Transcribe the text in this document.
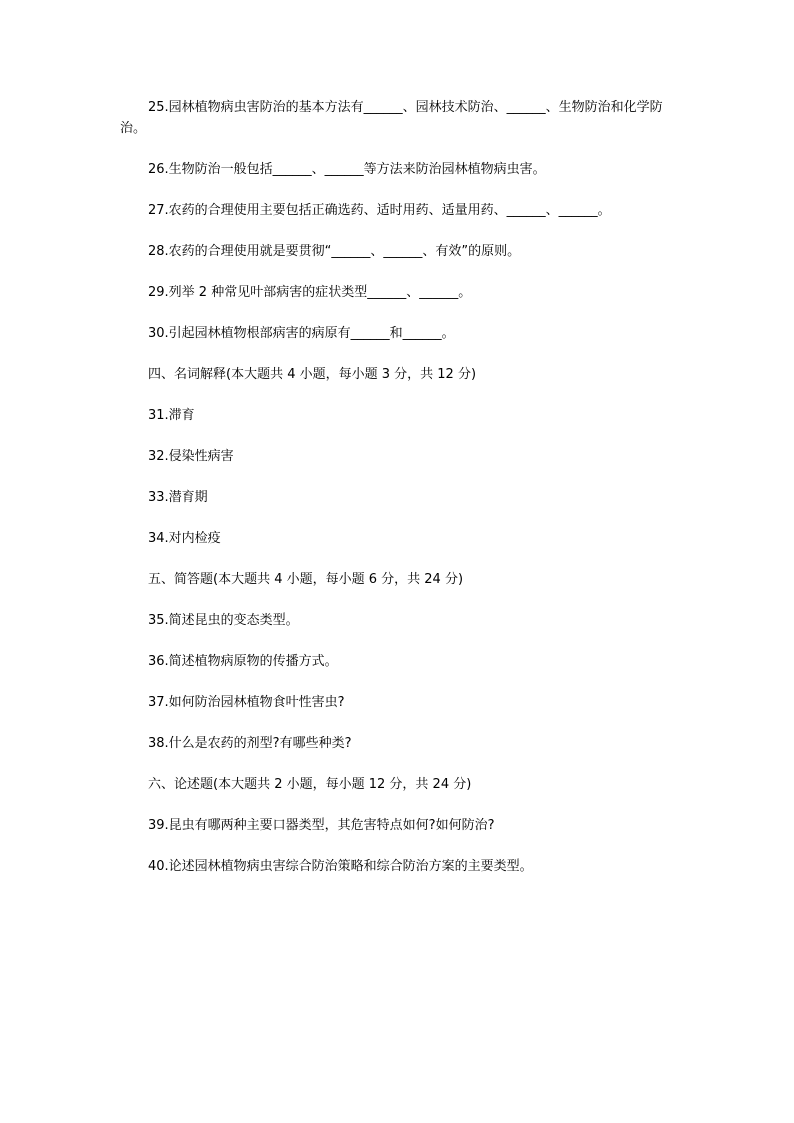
25.园林植物病虫害防治的基本方法有______、园林技术防治、______、生物防治和化学防治。

26.生物防治一般包括______、______等方法来防治园林植物病虫害。

27.农药的合理使用主要包括正确选药、适时用药、适量用药、______、______。

28.农药的合理使用就是要贯彻“______、______、有效”的原则。

29.列举 2 种常见叶部病害的症状类型______、______。

30.引起园林植物根部病害的病原有______和______。

四、名词解释(本大题共 4 小题，每小题 3 分，共 12 分)

31.滞育

32.侵染性病害

33.潜育期

34.对内检疫

五、简答题(本大题共 4 小题，每小题 6 分，共 24 分)

35.简述昆虫的变态类型。

36.简述植物病原物的传播方式。

37.如何防治园林植物食叶性害虫?

38.什么是农药的剂型?有哪些种类?

六、论述题(本大题共 2 小题，每小题 12 分，共 24 分)

39.昆虫有哪两种主要口器类型，其危害特点如何?如何防治?

40.论述园林植物病虫害综合防治策略和综合防治方案的主要类型。
